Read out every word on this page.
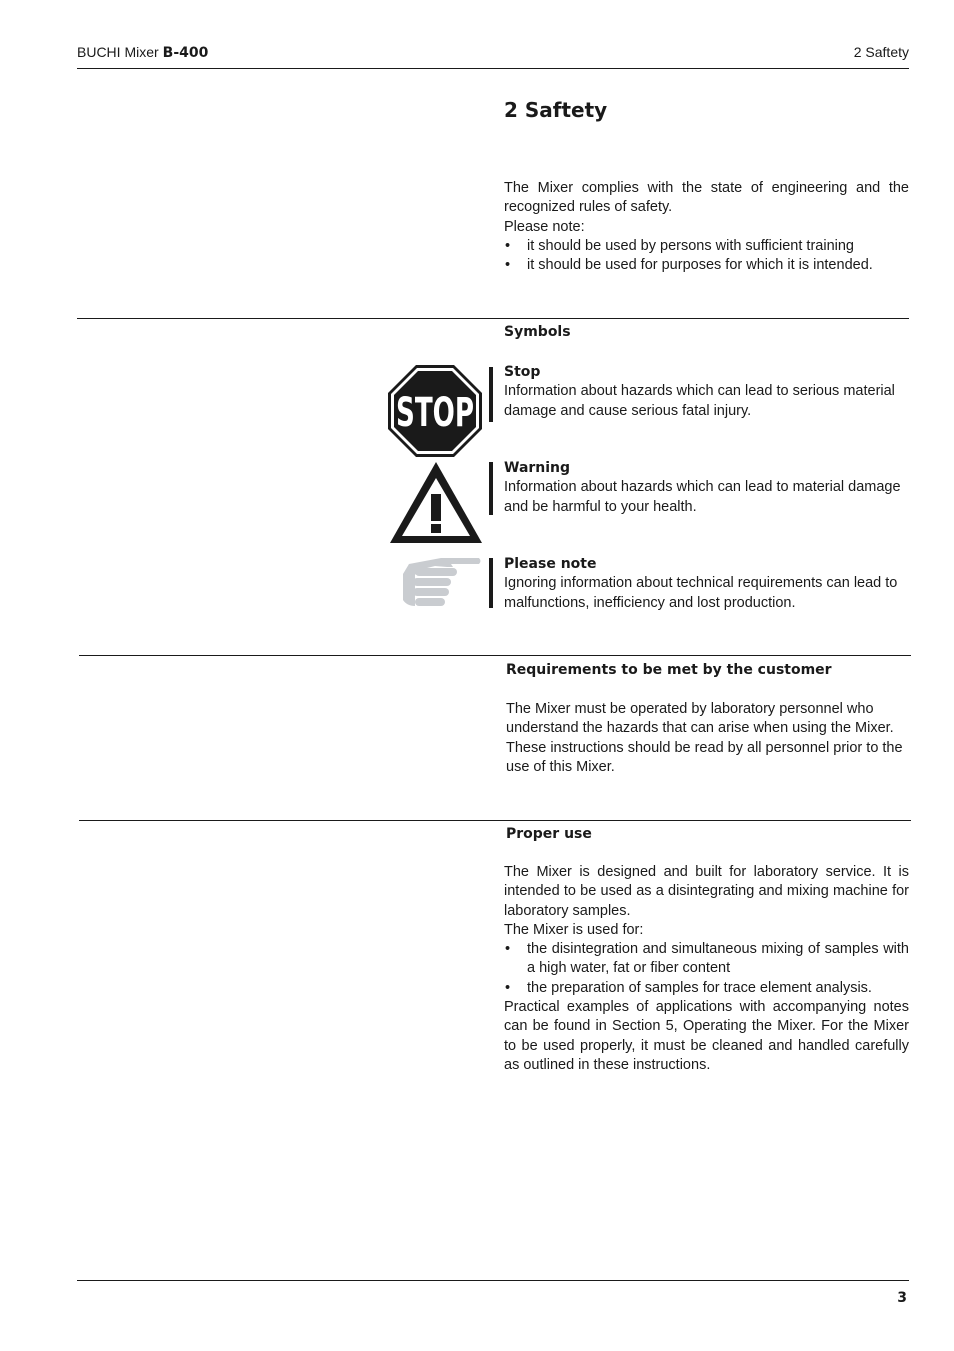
BUCHI Mixer B-400	2 Saftety
2 Saftety

The Mixer complies with the state of engineering and the recognized rules of safety.

Please note:

• it should be used by persons with sufficient training
• it should be used for purposes for which it is intended.
Symbols
STOP
Stop
Information about hazards which can lead to serious material damage and cause serious fatal injury.
Warning
Information about hazards which can lead to material damage and be harmful to your health.
Please note
Ignoring information about technical requirements can lead to malfunctions, inefficiency and lost production.
Requirements to be met by the customer

The Mixer must be operated by laboratory personnel who understand the hazards that can arise when using the Mixer. These instructions should be read by all personnel prior to the use of this Mixer.

Proper use

The Mixer is designed and built for laboratory service. It is intended to be used as a disintegrating and mixing machine for laboratory samples.

The Mixer is used for:

• the disintegration and simultaneous mixing of samples with a high water, fat or fiber content
• the preparation of samples for trace element analysis.

Practical examples of applications with accompanying notes can be found in Section 5, Operating the Mixer. For the Mixer to be used properly, it must be cleaned and handled carefully as outlined in these instructions.

3
